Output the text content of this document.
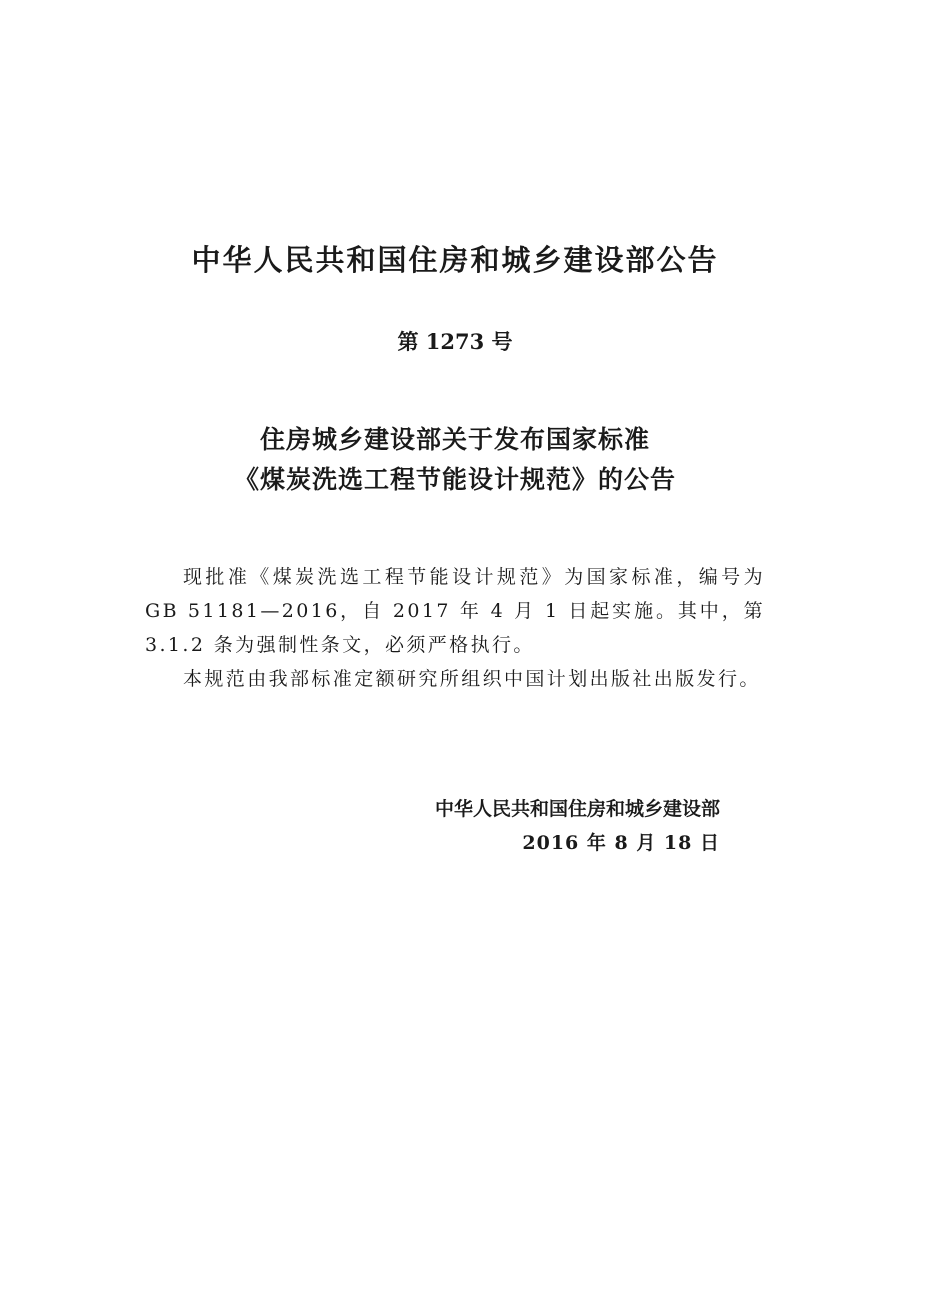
中华人民共和国住房和城乡建设部公告
第 1273 号
住房城乡建设部关于发布国家标准
《煤炭洗选工程节能设计规范》的公告

现批准《煤炭洗选工程节能设计规范》为国家标准，编号为GB 51181—2016，自 2017 年 4 月 1 日起实施。其中，第 3.1.2 条为强制性条文，必须严格执行。

本规范由我部标准定额研究所组织中国计划出版社出版发行。

中华人民共和国住房和城乡建设部
2016 年 8 月 18 日
